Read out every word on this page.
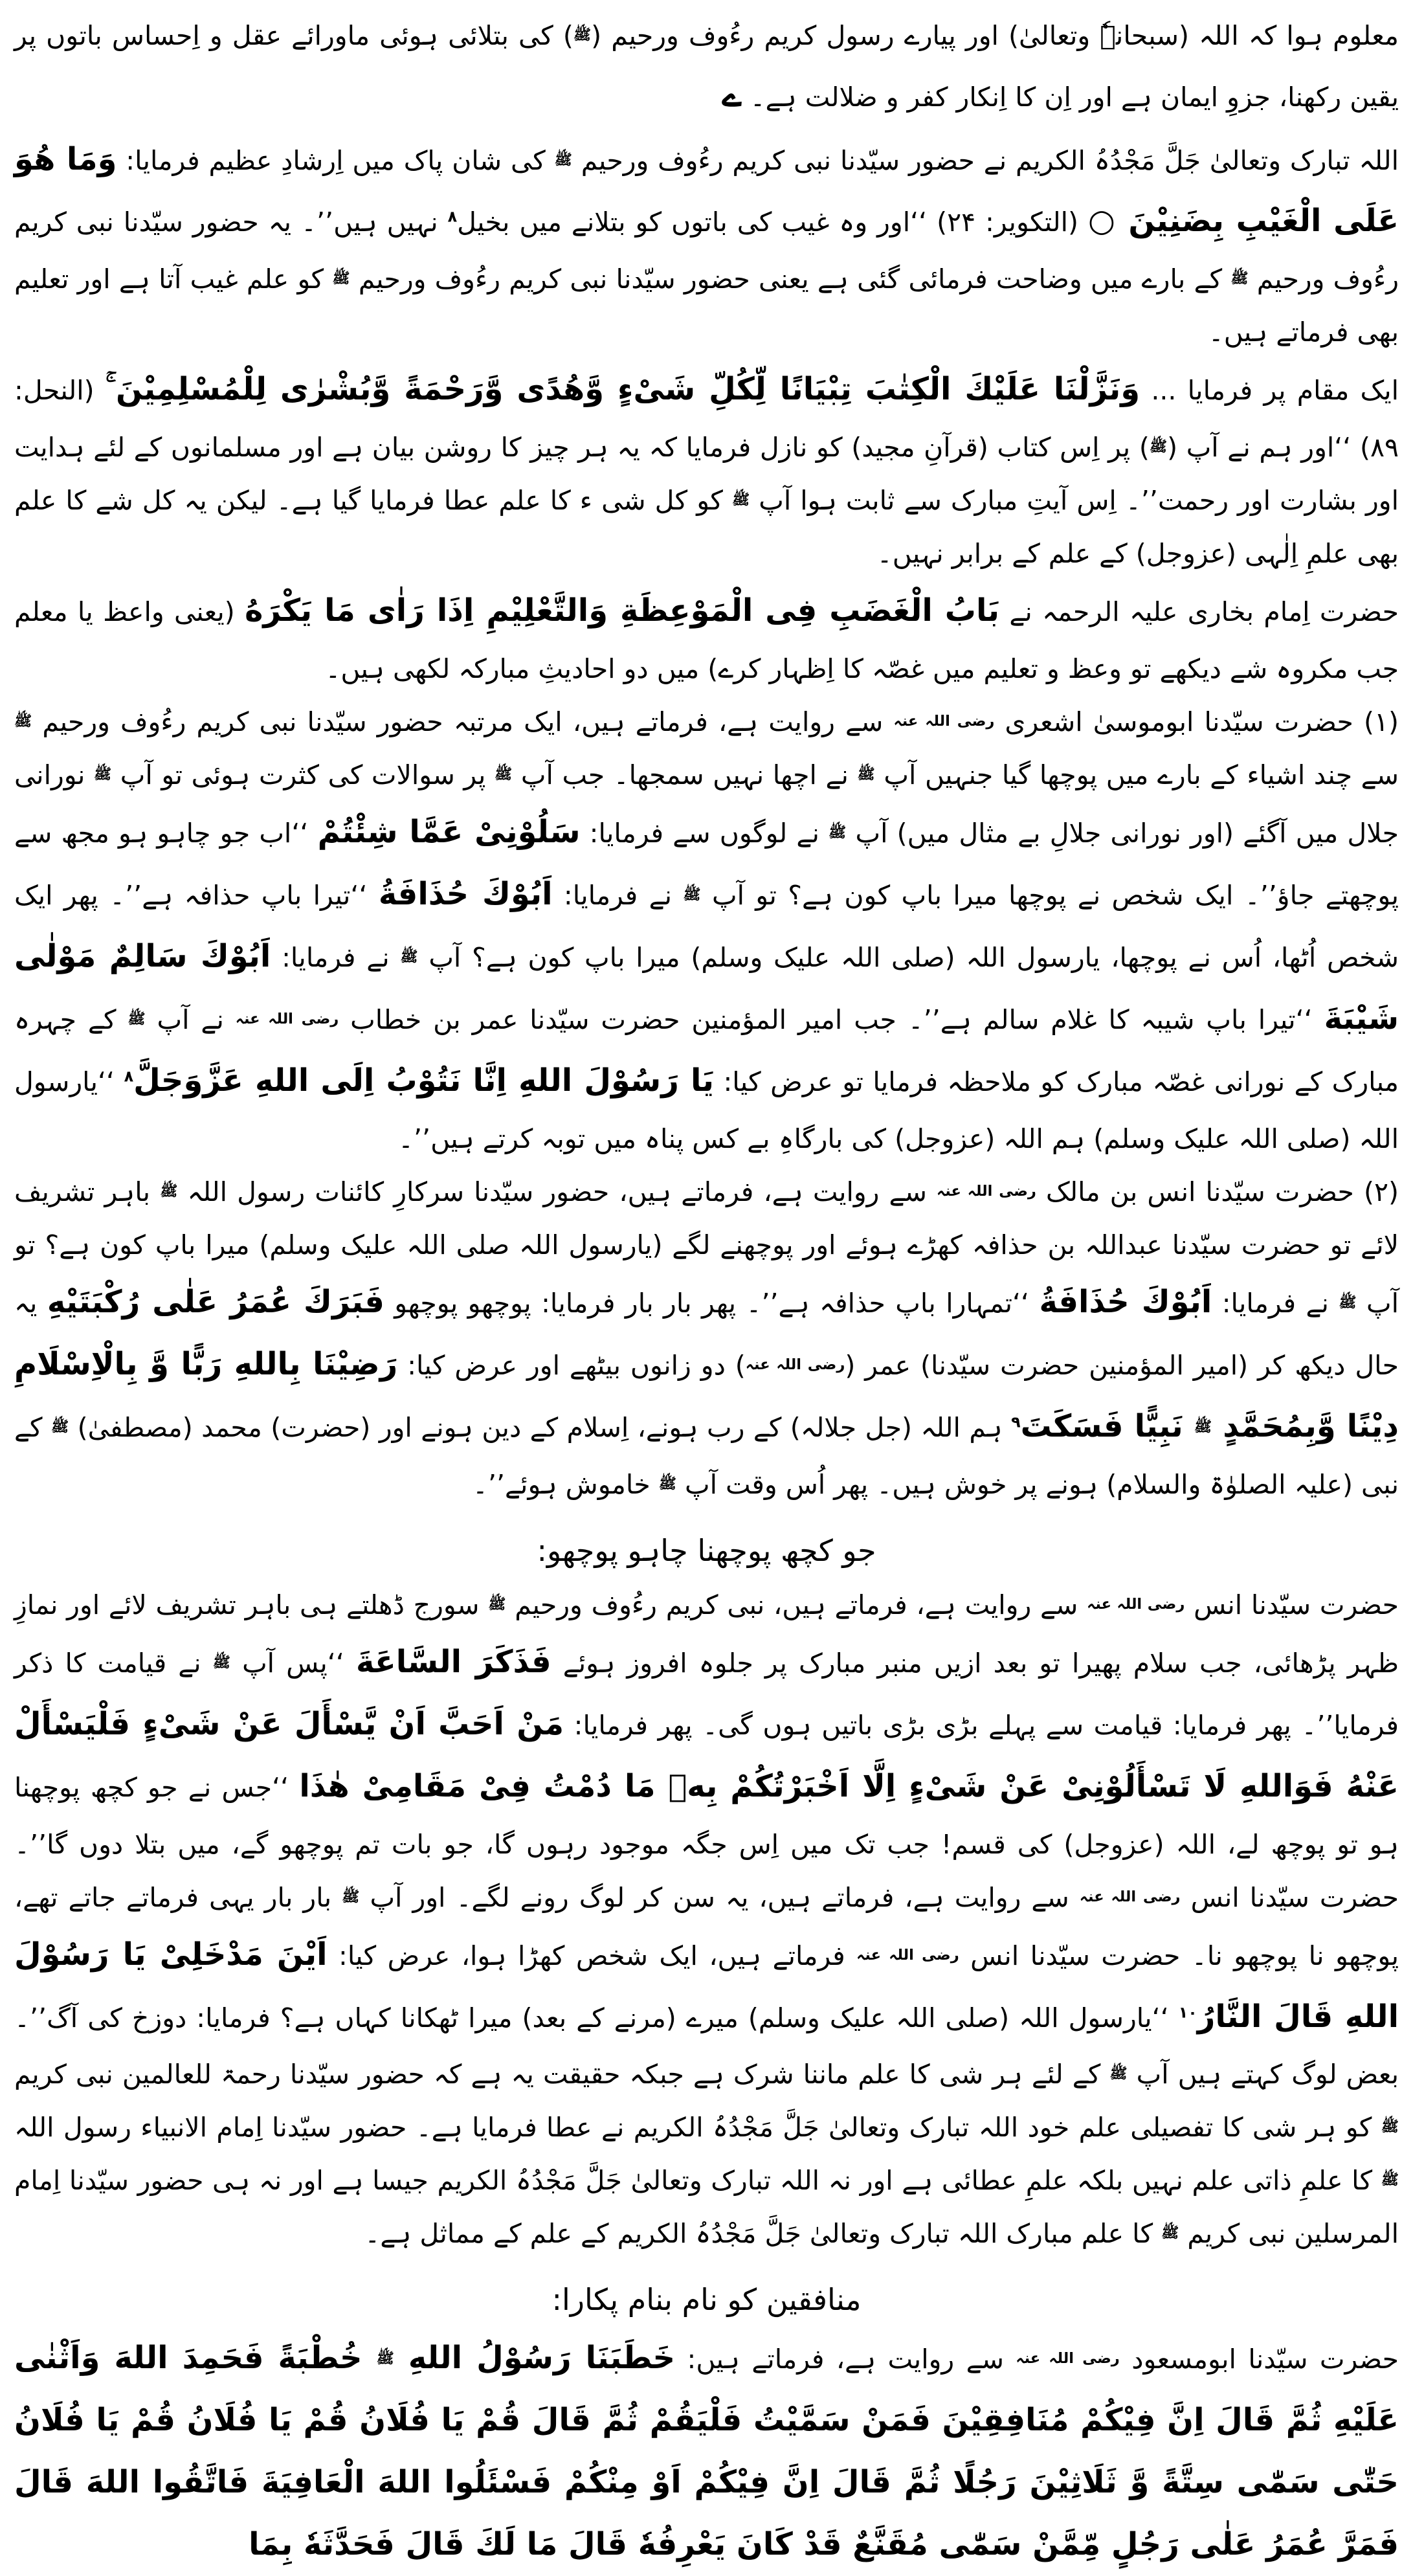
معلوم ہوا کہ اللہ (سبحانہٗ وتعالیٰ) اور پیارے رسول کریم رءُوف ورحیم (ﷺ) کی بتلائی ہوئی ماورائے عقل و اِحساس باتوں پر یقین رکھنا، جزوِ ایمان ہے اور اِن کا اِنکار کفر و ضلالت ہے۔ ے

اللہ تبارک وتعالیٰ جَلَّ مَجْدُہُ الکریم نے حضور سیّدنا نبی کریم رءُوف ورحیم ﷺ کی شان پاک میں اِرشادِ عظیم فرمایا: وَمَا هُوَ عَلَى الْغَيْبِ بِضَنِيْنَ ○ (التکویر: ۲۴) ‘‘اور وہ غیب کی باتوں کو بتلانے میں بخیل$^۸$ نہیں ہیں’’۔ یہ حضور سیّدنا نبی کریم رءُوف ورحیم ﷺ کے بارے میں وضاحت فرمائی گئی ہے یعنی حضور سیّدنا نبی کریم رءُوف ورحیم ﷺ کو علم غیب آتا ہے اور تعلیم بھی فرماتے ہیں۔

ایک مقام پر فرمایا ... وَنَزَّلْنَا عَلَيْكَ الْكِتٰبَ تِبْيَانًا لِّكُلِّ شَیْءٍ وَّهُدًى وَّرَحْمَةً وَّبُشْرٰى لِلْمُسْلِمِيْنَ ۚ (النحل: ۸۹) ‘‘اور ہم نے آپ (ﷺ) پر اِس کتاب (قرآنِ مجید) کو نازل فرمایا کہ یہ ہر چیز کا روشن بیان ہے اور مسلمانوں کے لئے ہدایت اور بشارت اور رحمت’’۔ اِس آیتِ مبارک سے ثابت ہوا آپ ﷺ کو کل شی ء کا علم عطا فرمایا گیا ہے۔ لیکن یہ کل شے کا علم بھی علمِ اِلٰہی (عزوجل) کے علم کے برابر نہیں۔

حضرت اِمام بخاری علیہ الرحمہ نے بَابُ الْغَضَبِ فِی الْمَوْعِظَةِ وَالتَّعْلِيْمِ اِذَا رَاٰی مَا يَكْرَهُ (یعنی واعظ یا معلم جب مکروہ شے دیکھے تو وعظ و تعلیم میں غصّہ کا اِظہار کرے) میں دو احادیثِ مبارکہ لکھی ہیں۔

(۱) حضرت سیّدنا ابوموسیٰ اشعری رضی اللہ عنہ سے روایت ہے، فرماتے ہیں، ایک مرتبہ حضور سیّدنا نبی کریم رءُوف ورحیم ﷺ سے چند اشیاء کے بارے میں پوچھا گیا جنہیں آپ ﷺ نے اچھا نہیں سمجھا۔ جب آپ ﷺ پر سوالات کی کثرت ہوئی تو آپ ﷺ نورانی جلال میں آگئے (اور نورانی جلالِ بے مثال میں) آپ ﷺ نے لوگوں سے فرمایا: سَلُوْنِیْ عَمَّا شِئْتُمْ ‘‘اب جو چاہو ہو مجھ سے پوچھتے جاؤ’’۔ ایک شخص نے پوچھا میرا باپ کون ہے؟ تو آپ ﷺ نے فرمایا: اَبُوْكَ حُذَافَةُ ‘‘تیرا باپ حذافہ ہے’’۔ پھر ایک شخص اُٹھا، اُس نے پوچھا، یارسول اللہ (صلی اللہ علیک وسلم) میرا باپ کون ہے؟ آپ ﷺ نے فرمایا: اَبُوْكَ سَالِمٌ مَوْلٰی شَيْبَةَ ‘‘تیرا باپ شیبہ کا غلام سالم ہے’’۔ جب امیر المؤمنین حضرت سیّدنا عمر بن خطاب رضی اللہ عنہ نے آپ ﷺ کے چہرہ مبارک کے نورانی غصّہ مبارک کو ملاحظہ فرمایا تو عرض کیا: يَا رَسُوْلَ اللهِ اِنَّا نَتُوْبُ اِلَی اللهِ عَزَّوَجَلَّ$^۸$ ‘‘یارسول اللہ (صلی اللہ علیک وسلم) ہم اللہ (عزوجل) کی بارگاہِ بے کس پناہ میں توبہ کرتے ہیں’’۔

(۲) حضرت سیّدنا انس بن مالک رضی اللہ عنہ سے روایت ہے، فرماتے ہیں، حضور سیّدنا سرکارِ کائنات رسول اللہ ﷺ باہر تشریف لائے تو حضرت سیّدنا عبداللہ بن حذافہ کھڑے ہوئے اور پوچھنے لگے (یارسول اللہ صلی اللہ علیک وسلم) میرا باپ کون ہے؟ تو آپ ﷺ نے فرمایا: اَبُوْكَ حُذَافَةُ ‘‘تمہارا باپ حذافہ ہے’’۔ پھر بار بار فرمایا: پوچھو پوچھو فَبَرَكَ عُمَرُ عَلٰی رُكْبَتَيْهِ یہ حال دیکھ کر (امیر المؤمنین حضرت سیّدنا) عمر (رضی اللہ عنہ) دو زانوں بیٹھے اور عرض کیا: رَضِيْنَا بِاللهِ رَبًّا وَّ بِالْاِسْلَامِ دِيْنًا وَّبِمُحَمَّدٍ ﷺ نَبِيًّا فَسَكَتَ$^۹$ ہم اللہ (جل جلالہ) کے رب ہونے، اِسلام کے دین ہونے اور (حضرت) محمد (مصطفیٰ) ﷺ کے نبی (علیہ الصلوٰۃ والسلام) ہونے پر خوش ہیں۔ پھر اُس وقت آپ ﷺ خاموش ہوئے’’۔

جو کچھ پوچھنا چاہو پوچھو:

حضرت سیّدنا انس رضی اللہ عنہ سے روایت ہے، فرماتے ہیں، نبی کریم رءُوف ورحیم ﷺ سورج ڈھلتے ہی باہر تشریف لائے اور نمازِ ظہر پڑھائی، جب سلام پھیرا تو بعد ازیں منبر مبارک پر جلوہ افروز ہوئے فَذَكَرَ السَّاعَةَ ‘‘پس آپ ﷺ نے قیامت کا ذکر فرمایا’’۔ پھر فرمایا: قیامت سے پہلے بڑی بڑی باتیں ہوں گی۔ پھر فرمایا: مَنْ اَحَبَّ اَنْ يَّسْأَلَ عَنْ شَیْءٍ فَلْيَسْأَلْ عَنْهُ فَوَاللهِ لَا تَسْأَلُوْنِیْ عَنْ شَیْءٍ اِلَّا اَخْبَرْتُكُمْ بِهٖ مَا دُمْتُ فِیْ مَقَامِیْ هٰذَا ‘‘جس نے جو کچھ پوچھنا ہو تو پوچھ لے، اللہ (عزوجل) کی قسم! جب تک میں اِس جگہ موجود رہوں گا، جو بات تم پوچھو گے، میں بتلا دوں گا’’۔ حضرت سیّدنا انس رضی اللہ عنہ سے روایت ہے، فرماتے ہیں، یہ سن کر لوگ رونے لگے۔ اور آپ ﷺ بار بار یہی فرماتے جاتے تھے، پوچھو نا پوچھو نا۔ حضرت سیّدنا انس رضی اللہ عنہ فرماتے ہیں، ایک شخص کھڑا ہوا، عرض کیا: اَيْنَ مَدْخَلِیْ يَا رَسُوْلَ اللهِ قَالَ النَّارُ$^{۱۰}$ ‘‘یارسول اللہ (صلی اللہ علیک وسلم) میرے (مرنے کے بعد) میرا ٹھکانا کہاں ہے؟ فرمایا: دوزخ کی آگ’’۔ بعض لوگ کہتے ہیں آپ ﷺ کے لئے ہر شی کا علم ماننا شرک ہے جبکہ حقیقت یہ ہے کہ حضور سیّدنا رحمۃ للعالمین نبی کریم ﷺ کو ہر شی کا تفصیلی علم خود اللہ تبارک وتعالیٰ جَلَّ مَجْدُہُ الکریم نے عطا فرمایا ہے۔ حضور سیّدنا اِمام الانبیاء رسول اللہ ﷺ کا علمِ ذاتی علم نہیں بلکہ علمِ عطائی ہے اور نہ اللہ تبارک وتعالیٰ جَلَّ مَجْدُہُ الکریم جیسا ہے اور نہ ہی حضور سیّدنا اِمام المرسلین نبی کریم ﷺ کا علم مبارک اللہ تبارک وتعالیٰ جَلَّ مَجْدُہُ الکریم کے علم کے مماثل ہے۔

منافقین کو نام بنام پکارا:

حضرت سیّدنا ابومسعود رضی اللہ عنہ سے روایت ہے، فرماتے ہیں: خَطَبَنَا رَسُوْلُ اللهِ ﷺ خُطْبَةً فَحَمِدَ اللهَ وَاَثْنٰی عَلَيْهِ ثُمَّ قَالَ اِنَّ فِيْكُمْ مُنَافِقِيْنَ فَمَنْ سَمَّيْتُ فَلْيَقُمْ ثُمَّ قَالَ قُمْ يَا فُلَانُ قُمْ يَا فُلَانُ قُمْ يَا فُلَانُ حَتّٰی سَمّٰی سِتَّةً وَّ ثَلَاثِيْنَ رَجُلًا ثُمَّ قَالَ اِنَّ فِيْكُمْ اَوْ مِنْكُمْ فَسْئَلُوا اللهَ الْعَافِيَةَ فَاتَّقُوا اللهَ قَالَ فَمَرَّ عُمَرُ عَلٰی رَجُلٍ مِّمَّنْ سَمّٰی مُقَنَّعٌ قَدْ كَانَ يَعْرِفُهٗ قَالَ مَا لَكَ قَالَ فَحَدَّثَهٗ بِمَا
